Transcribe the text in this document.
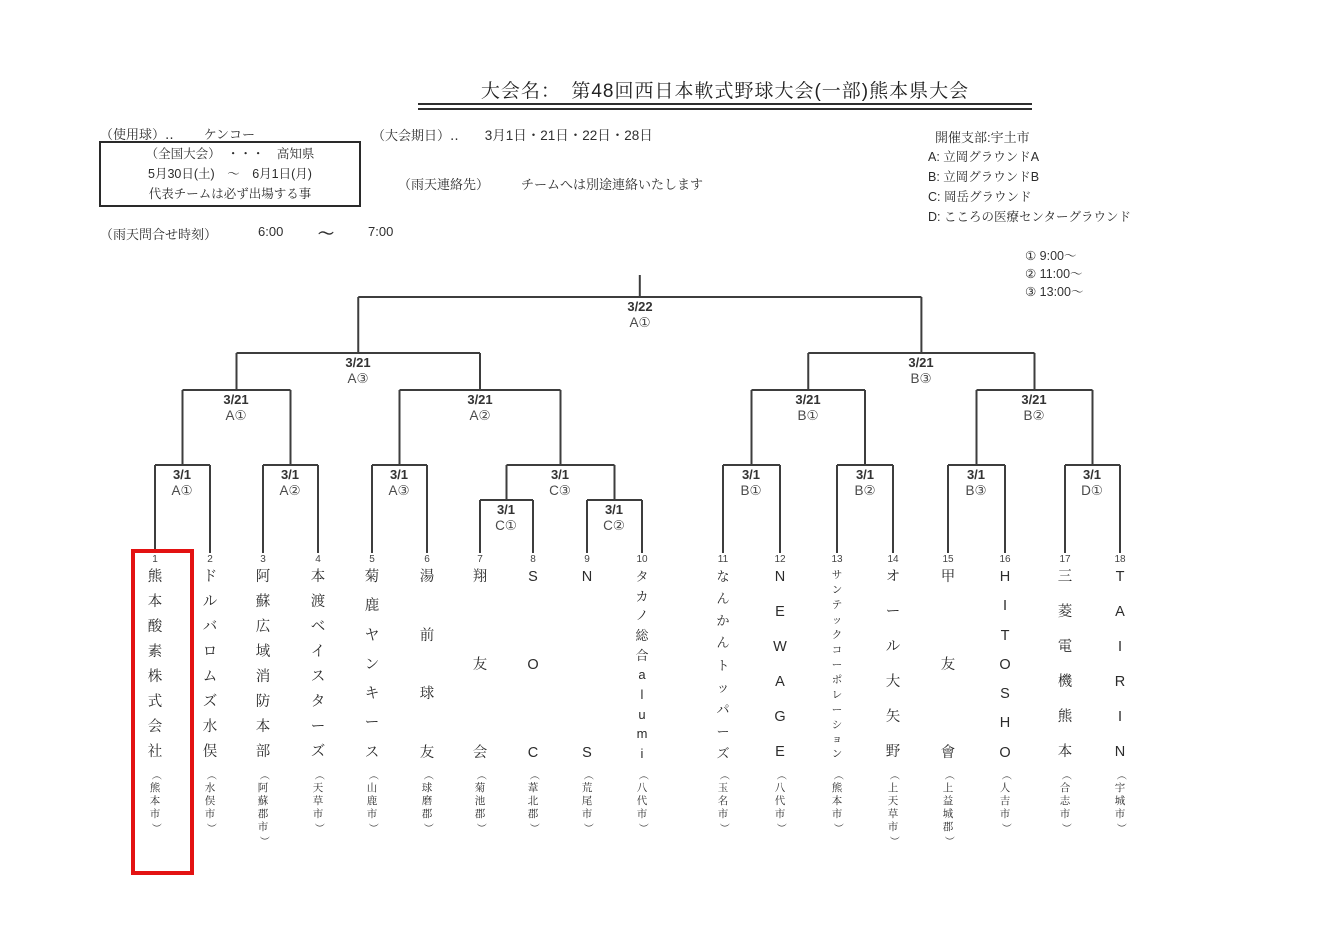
大会名：　第48回西日本軟式野球大会(一部)熊本県大会
（使用球）‥ ケンコー
（全国大会）　・・・　高知県
5月30日(土)　～　6月1日(月)
代表チームは必ず出場する事
（雨天問合せ時刻）	6:00 ～	7:00
（大会期日）‥ 3月1日・21日・22日・28日
（雨天連絡先） チームへは別途連絡いたします
開催支部:宇土市
A: 立岡グラウンドA
B: 立岡グラウンドB
C: 岡岳グラウンド
D: こころの医療センターグラウンド
① 9:00～
② 11:00～
③ 13:00～
3/22
A①
3/21
A③
3/21
B③
3/21
A①
3/21
A②
3/21
B①
3/21
B②
3/1
A①
3/1
A②
3/1
A③
3/1
C③
3/1
C①
3/1
C②
3/1
B①
3/1
B②
3/1
B③
3/1
D①
1
熊
本
酸
素
株
式
会
社
（
熊
本
市
）
2
ド
ル
バ
ロ
ム
ズ
水
俣
（
水
俣
市
）
3
阿
蘇
広
域
消
防
本
部
（
阿
蘇
郡
市
）
4
本
渡
ベ
イ
ス
タ
ー
ズ
（
天
草
市
）
5
菊
鹿
ヤ
ン
キ
ー
ス
（
山
鹿
市
）
6
湯
前
球
友
（
球
磨
郡
）
7
翔
友
会
（
菊
池
郡
）
8
S
O
C
（
葦
北
郡
）
9
N
S
（
荒
尾
市
）
10
タ
カ
ノ
総
合
a
l
u
m
i
（
八
代
市
）
11
な
ん
か
ん
ト
ッ
パ
ー
ズ
（
玉
名
市
）
12
N
E
W
A
G
E
（
八
代
市
）
13
サ
ン
テ
ッ
ク
コ
ー
ポ
レ
ー
シ
ョ
ン
（
熊
本
市
）
14
オ
ー
ル
大
矢
野
（
上
天
草
市
）
15
甲
友
會
（
上
益
城
郡
）
16
H
I
T
O
S
H
O
（
人
吉
市
）
17
三
菱
電
機
熊
本
（
合
志
市
）
18
T
A
I
R
I
N
（
宇
城
市
）
